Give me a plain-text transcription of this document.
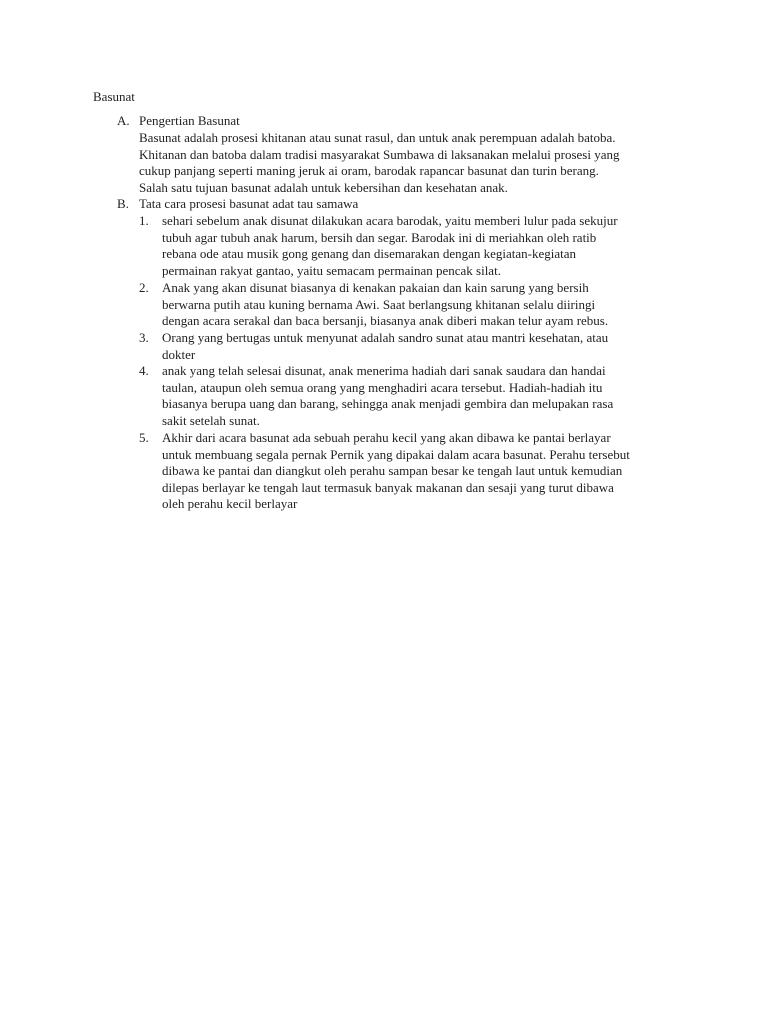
Basunat
A. Pengertian Basunat
Basunat adalah prosesi khitanan atau sunat rasul, dan untuk anak perempuan adalah batoba.
Khitanan dan batoba dalam tradisi masyarakat Sumbawa di laksanakan melalui prosesi yang
cukup panjang seperti maning jeruk ai oram, barodak rapancar basunat dan turin berang.
Salah satu tujuan basunat adalah untuk kebersihan dan kesehatan anak.
B. Tata cara prosesi basunat adat tau samawa
1. sehari sebelum anak disunat dilakukan acara barodak, yaitu memberi lulur pada sekujur
tubuh agar tubuh anak harum, bersih dan segar. Barodak ini di meriahkan oleh ratib
rebana ode atau musik gong genang dan disemarakan dengan kegiatan-kegiatan
permainan rakyat gantao, yaitu semacam permainan pencak silat.
2. Anak yang akan disunat biasanya di kenakan pakaian dan kain sarung yang bersih
berwarna putih atau kuning bernama Awi. Saat berlangsung khitanan selalu diiringi
dengan acara serakal dan baca bersanji, biasanya anak diberi makan telur ayam rebus.
3. Orang yang bertugas untuk menyunat adalah sandro sunat atau mantri kesehatan, atau
dokter
4. anak yang telah selesai disunat, anak menerima hadiah dari sanak saudara dan handai
taulan, ataupun oleh semua orang yang menghadiri acara tersebut. Hadiah-hadiah itu
biasanya berupa uang dan barang, sehingga anak menjadi gembira dan melupakan rasa
sakit setelah sunat.
5. Akhir dari acara basunat ada sebuah perahu kecil yang akan dibawa ke pantai berlayar
untuk membuang segala pernak Pernik yang dipakai dalam acara basunat. Perahu tersebut
dibawa ke pantai dan diangkut oleh perahu sampan besar ke tengah laut untuk kemudian
dilepas berlayar ke tengah laut termasuk banyak makanan dan sesaji yang turut dibawa
oleh perahu kecil berlayar
